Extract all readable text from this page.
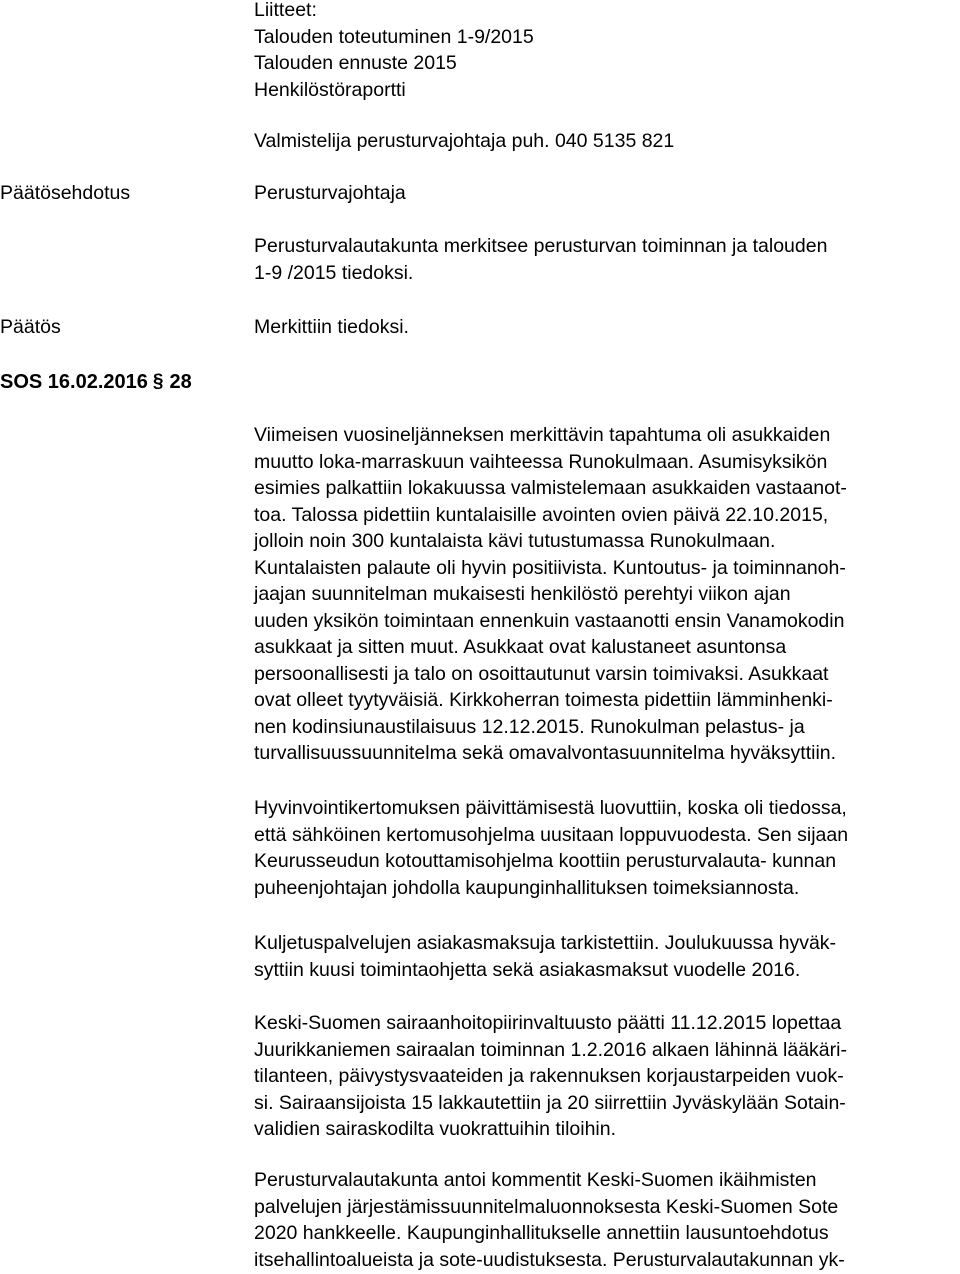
Liitteet:
Talouden toteutuminen 1-9/2015
Talouden ennuste 2015
Henkilöstöraportti
Valmistelija perusturvajohtaja puh. 040 5135 821
Päätösehdotus	Perusturvajohtaja
Perusturvalautakunta merkitsee perusturvan toiminnan ja talouden
1-9 /2015 tiedoksi.
Päätös	Merkittiin tiedoksi.
SOS 16.02.2016 § 28
Viimeisen vuosineljänneksen merkittävin tapahtuma oli asukkaiden
muutto loka-marraskuun vaihteessa Runokulmaan. Asumisyksikön
esimies palkattiin lokakuussa valmistelemaan asukkaiden vastaanot-
toa. Talossa pidettiin kuntalaisille avointen ovien päivä 22.10.2015,
jolloin noin 300 kuntalaista kävi tutustumassa Runokulmaan.
Kuntalaisten palaute oli hyvin positiivista. Kuntoutus- ja toiminnanoh-
jaajan suunnitelman mukaisesti henkilöstö perehtyi viikon ajan
uuden yksikön toimintaan ennenkuin vastaanotti ensin Vanamokodin
asukkaat ja sitten muut. Asukkaat ovat kalustaneet asuntonsa
persoonallisesti ja talo on osoittautunut varsin toimivaksi. Asukkaat
ovat olleet tyytyväisiä. Kirkkoherran toimesta pidettiin lämminhenki-
nen kodinsiunaustilaisuus 12.12.2015. Runokulman pelastus- ja
turvallisuussuunnitelma sekä omavalvontasuunnitelma hyväksyttiin.
Hyvinvointikertomuksen päivittämisestä luovuttiin, koska oli tiedossa,
että sähköinen kertomusohjelma uusitaan loppuvuodesta. Sen sijaan
Keurusseudun kotouttamisohjelma koottiin perusturvalauta- kunnan
puheenjohtajan johdolla kaupunginhallituksen toimeksiannosta.
Kuljetuspalvelujen asiakasmaksuja tarkistettiin. Joulukuussa hyväk-
syttiin kuusi toimintaohjetta sekä asiakasmaksut vuodelle 2016.
Keski-Suomen sairaanhoitopiirinvaltuusto päätti 11.12.2015 lopettaa
Juurikkaniemen sairaalan toiminnan 1.2.2016 alkaen lähinnä lääkäri-
tilanteen, päivystysvaateiden ja rakennuksen korjaustarpeiden vuok-
si. Sairaansijoista 15 lakkautettiin ja 20 siirrettiin Jyväskylään Sotain-
validien sairaskodilta vuokrattuihin tiloihin.
Perusturvalautakunta antoi kommentit Keski-Suomen ikäihmisten
palvelujen järjestämissuunnitelmaluonnoksesta Keski-Suomen Sote
2020 hankkeelle. Kaupunginhallitukselle annettiin lausuntoehdotus
itsehallintoalueista ja sote-uudistuksesta. Perusturvalautakunnan yk-
